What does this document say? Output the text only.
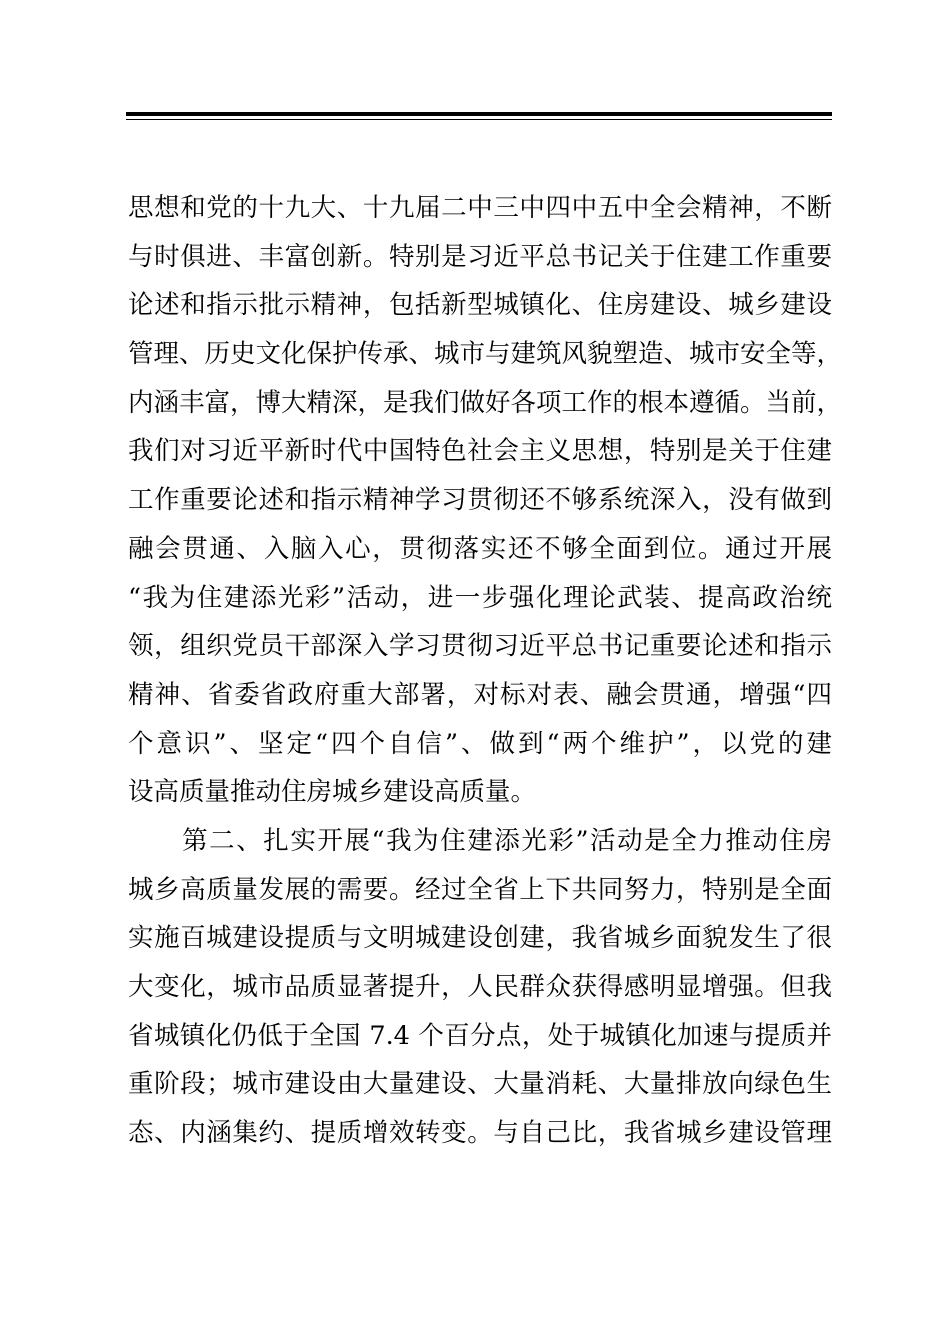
思想和党的十九大、十九届二中三中四中五中全会精神，不断
与时俱进、丰富创新。特别是习近平总书记关于住建工作重要
论述和指示批示精神，包括新型城镇化、住房建设、城乡建设
管理、历史文化保护传承、城市与建筑风貌塑造、城市安全等，
内涵丰富，博大精深，是我们做好各项工作的根本遵循。当前，
我们对习近平新时代中国特色社会主义思想，特别是关于住建
工作重要论述和指示精神学习贯彻还不够系统深入，没有做到
融会贯通、入脑入心，贯彻落实还不够全面到位。通过开展
“我为住建添光彩”活动，进一步强化理论武装、提高政治统
领，组织党员干部深入学习贯彻习近平总书记重要论述和指示
精神、省委省政府重大部署，对标对表、融会贯通，增强“四
个意识”、坚定“四个自信”、做到“两个维护”，以党的建
设高质量推动住房城乡建设高质量。
　　第二、扎实开展“我为住建添光彩”活动是全力推动住房
城乡高质量发展的需要。经过全省上下共同努力，特别是全面
实施百城建设提质与文明城建设创建，我省城乡面貌发生了很
大变化，城市品质显著提升，人民群众获得感明显增强。但我
省城镇化仍低于全国 7.4 个百分点，处于城镇化加速与提质并
重阶段；城市建设由大量建设、大量消耗、大量排放向绿色生
态、内涵集约、提质增效转变。与自己比，我省城乡建设管理
